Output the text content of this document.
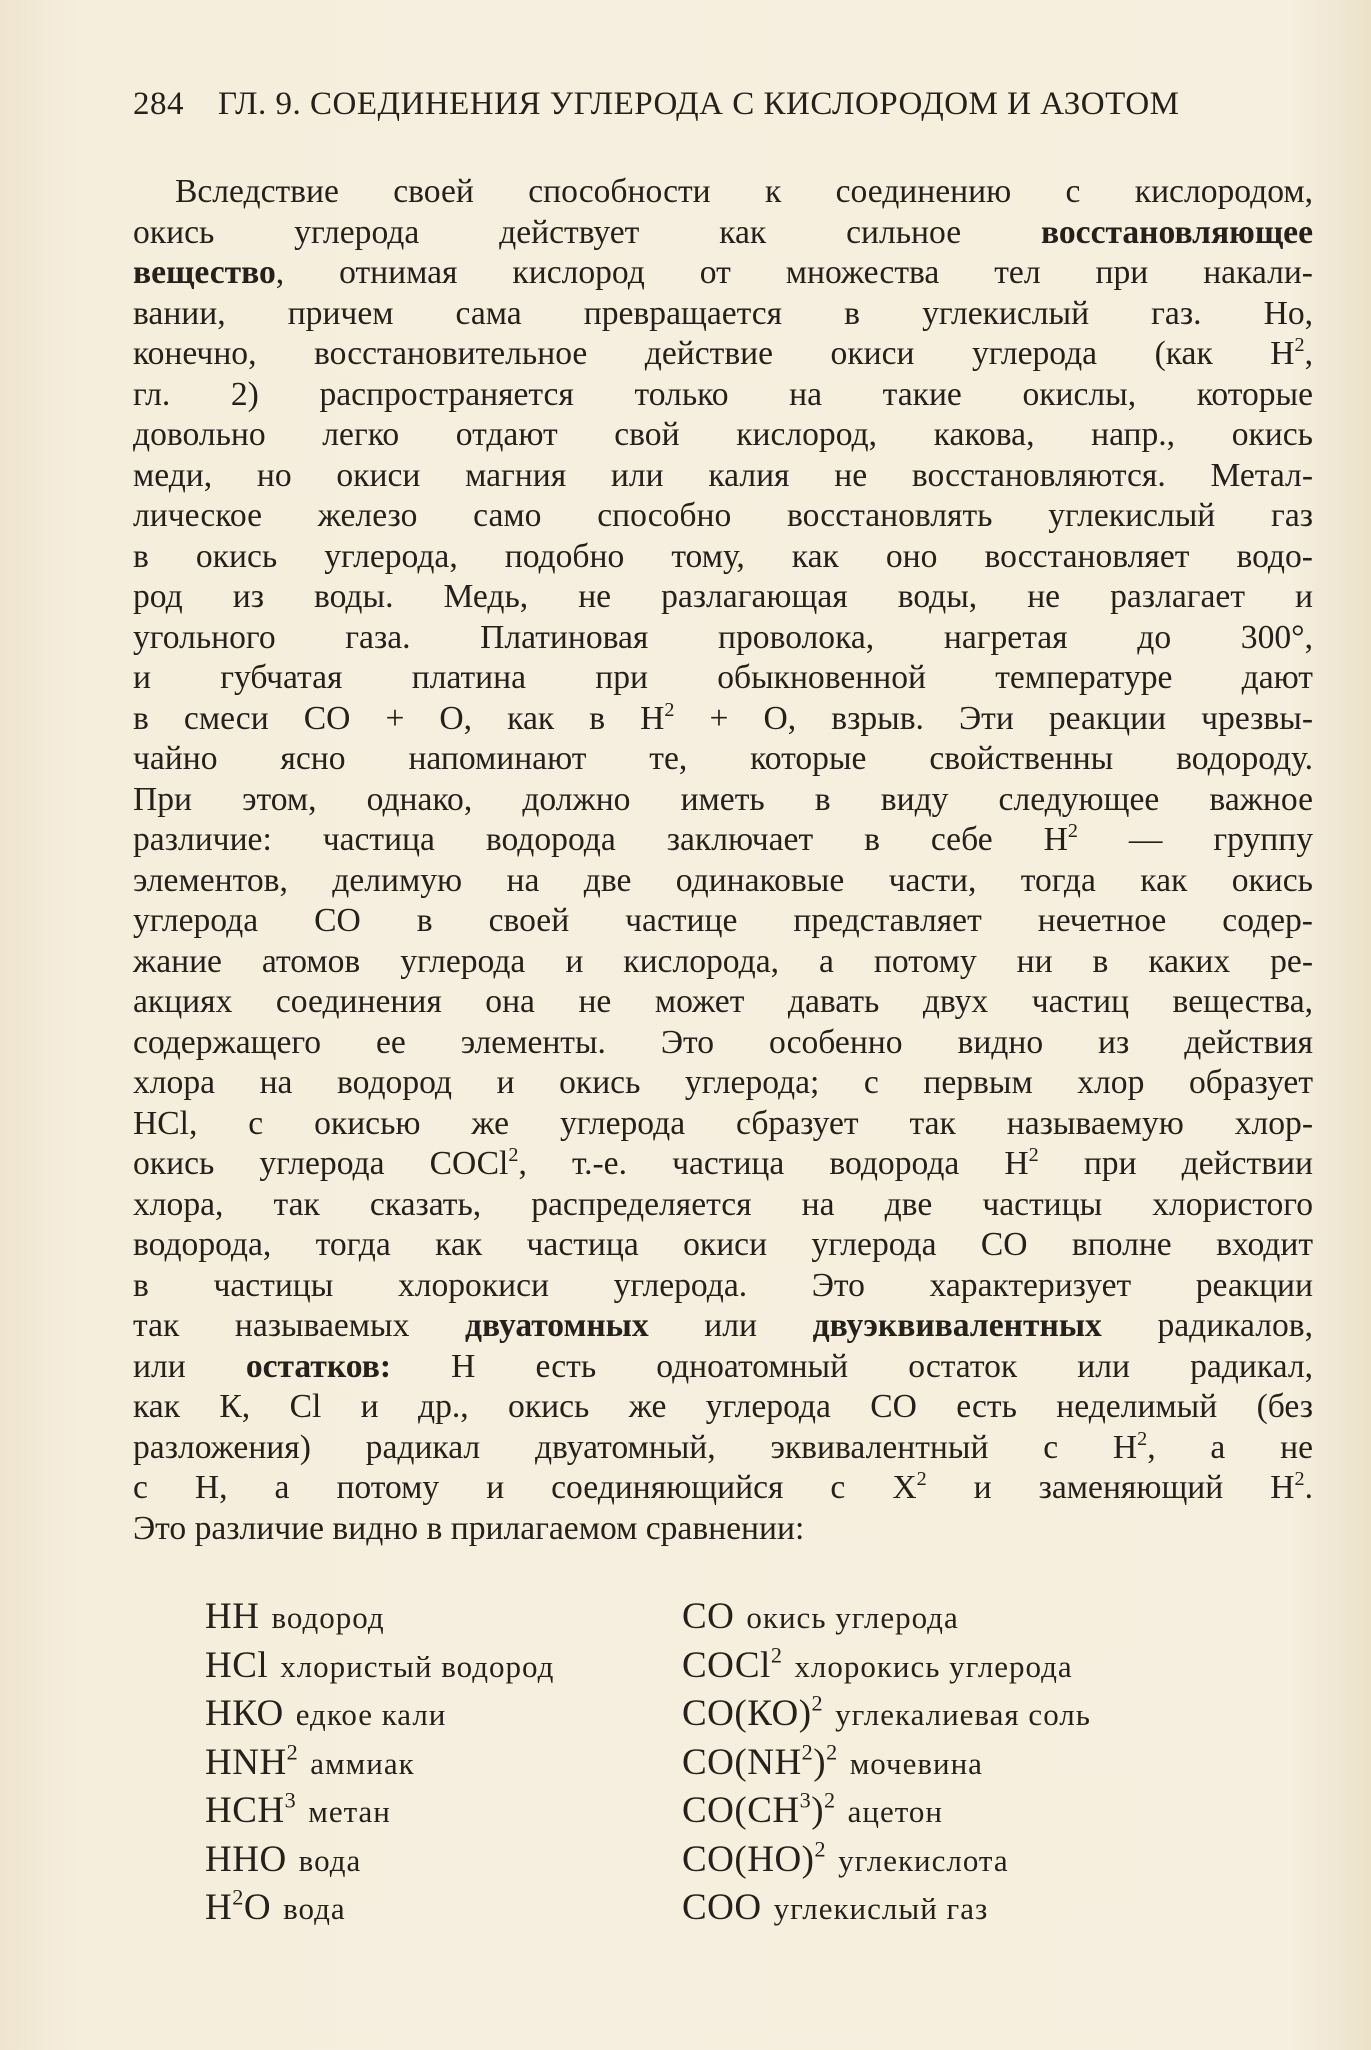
284 ГЛ. 9. СОЕДИНЕНИЯ УГЛЕРОДА С КИСЛОРОДОМ И АЗОТОМ
Вследствие своей способности к соединению с кислородом,
окись углерода действует как сильное восстановляющее
вещество, отнимая кислород от множества тел при накали-
вании, причем сама превращается в углекислый газ. Но,
конечно, восстановительное действие окиси углерода (как $Н^2$,
гл. 2) распространяется только на такие окислы, которые
довольно легко отдают свой кислород, какова, напр., окись
меди, но окиси магния или калия не восстановляются. Метал-
лическое железо само способно восстановлять углекислый газ
в окись углерода, подобно тому, как оно восстановляет водо-
род из воды. Медь, не разлагающая воды, не разлагает и
угольного газа. Платиновая проволока, нагретая до 300°,
и губчатая платина при обыкновенной температуре дают
в смеси СО + О, как в $Н^2 + О$, взрыв. Эти реакции чрезвы-
чайно ясно напоминают те, которые свойственны водороду.
При этом, однако, должно иметь в виду следующее важное
различие: частица водорода заключает в себе $Н^2$ — группу
элементов, делимую на две одинаковые части, тогда как окись
углерода СО в своей частице представляет нечетное содер-
жание атомов углерода и кислорода, а потому ни в каких ре-
акциях соединения она не может давать двух частиц вещества,
содержащего ее элементы. Это особенно видно из действия
хлора на водород и окись углерода; с первым хлор образует
НСl, с окисью же углерода сбразует так называемую хлор-
окись углерода СОСl$^2$, т.-е. частица водорода $Н^2$ при действии
хлора, так сказать, распределяется на две частицы хлористого
водорода, тогда как частица окиси углерода СО вполне входит
в частицы хлорокиси углерода. Это характеризует реакции
так называемых двуатомных или двуэквивалентных радикалов,
или остатков: Н есть одноатомный остаток или радикал,
как К, Сl и др., окись же углерода СО есть неделимый (без
разложения) радикал двуатомный, эквивалентный с $Н^2$, а не
с Н, а потому и соединяющийся с $Х^2$ и заменяющий $Н^2$.
Это различие видно в прилагаемом сравнении:
НН водород	СО окись углерода
НСl хлористый водород	СОСl$^2$ хлорокись углерода
НКО едкое кали	СО(КО)$^2$ углекалиевая соль
НNН$^2$ аммиак	$СО(NН^2)^2$ мочевина
НСН$^3$ метан	$СО(СН^3)^2$ ацетон
ННО вода	СО(НО)$^2$ углекислота
$Н^2О$ вода	СОО углекислый газ
